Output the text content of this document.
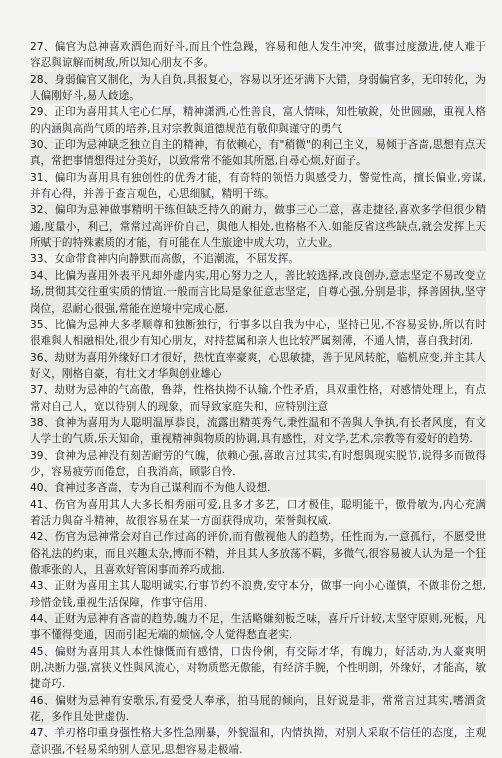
27、偏官为总神喜欢酒色而好斗,而且个性急躁，容易和他人发生冲突，做事过度激进,使人难于容忍與谅解而树敌,所以知心朋友不多。

28、身弱偏官又制化，为人自负,具报复心，容易以牙还牙满下大错，身弱偏官多，无印转化，为人偏刚好斗,易人歧途。

29、正印为喜用其人宅心仁厚，精神潇洒,心性善良，富人情味，知性敏銳，处世圆融，重视人格的内涵與高尚气质的培养,且对宗教與道德规范有敬仰與谨守的勇气

30、正印为忌神缺乏独立自主的精神，有依赖心，有"稍微"的利己主义，易倾于吝啬,思想有点天真，常把事情想得过分美好，以致常常不能如其所愿,自尋心烦,好面子。

31、偏印为喜用具有独创性的优秀才能，有奇特的领悟力與感受力，警觉性高，擅长偏业,旁谋,并有心得，并善于查言观色，心思细腻，精明干练。

32、偏印为忌神做事精明干练但缺乏持久的耐力，做事三心二意，喜走捷径,喜欢多学但很少精通,度量小，利己，常常过高评价自己，與他人相处,也格格不入.如能反省这些缺点,就会发挥上天所赋于的特殊素质的才能，有可能在人生旅途中成大功，立大业。

33、女命带食神内向静默而高傲，不追潮流，不屈发挥。

34、比偏为喜用外表平凡却外虚内实,用心努力之人，善比较选择,改良创办,意志坚定不易改变立场,贯彻其交往重实质的情谊.一般而言比局是象征意志坚定，自尊心强,分别是非，择善固执,坚守岗位，忍耐心很强,常能在逆境中完成心愿.

35、比偏为忌神大多孝顺尊和独断独行，行事多以自我为中心，坚持已见,不容易妥协,所以有时很难與人相融相处,很少有知心朋友，对持惹属和亲人也比较严属刻薄，不通人情，喜自我封闭.

36、劫财为喜用外缘好口才很好，热忱直率豪爽，心思敏捷，善于见风转舵，临机应变,并主其人好义，刚格自豪，有壮文才华與创业雄心

37、劫财为忌神的气高傲，鲁莽，性格执拗不认输,个性矛盾，具双重性格，对感情处理上，有点常对自己人，宽以待别人的现象，而导致家庭失和，应特别注意

38、食神为喜用为人聪明温厚恭良，流露出精英秀气,秉性温和不善與人争执,有长者风度，有文人学士的气质,乐天知命，重视精神與物质的协调,具有感性，对文学,艺术,宗教等有爱好的趋势.

39、食神为忌神没有刻苦耐劳的气魄，依赖心强,喜敢言过其实,有时想與现实脱节,说得多而做得少，容易疲劳而倦怠，自我消高，顾影自怜.

40、食神过多吝啬，专为自己谋利而不为他人设想.

41、伤官为喜用其人大多长相秀丽可爱,且多才多艺，口才极佳，聪明能干，傲骨敏为,内心充满着活力與奋斗精神，故很容易在某一方面获得成功，荣誉與权威.

42、伤官为忌神常会对自己作过高的评价,而有傲视他人的趋势，任性而为,一意孤行，不愿受世俗礼法的约束，而且兴趣太杂,博而不精，并且其人多放荡不羁，多微气,很容易被人认为是一个狂傲乖张的人，且喜欢好管闲事而养巧成拙.

43、正财为喜用主其人聪明诚实,行事节约不浪费,安守本分，做事一向小心谨慎，不做非份之想,珍惜金钱,重视生活保障，作事守信用.

44、正财为忌神有吝啬的趋势,魄力不足，生活略嫌刻板乏味，喜斤斤计较,太坚守原则,死板，凡事不懂得变通，因而引起无端的烦恼,令人觉得愁直老实.

45、偏财为喜用其人本性慷慨而有感情，口齿伶俐，有交际才华，有魄力，好活动,为人豪爽明朗,决断力强,富狭义性與风流心，对物质慾无傲能，有经济手腕，个性明朗，外缘好，才能高，敏捷奇巧.

46、偏财为忌神有安歌乐,有爱受人奉承，拍马屁的倾向，且好说是非，常常言过其实,嗜酒贪花，多作且处世虚伪.

47、羊刃格印重身强性格大多性急刚暴，外貌温和，内情执拗，对别人采取不信任的态度，主观意识强,不轻易采纳别人意见,思想容易走极端.
